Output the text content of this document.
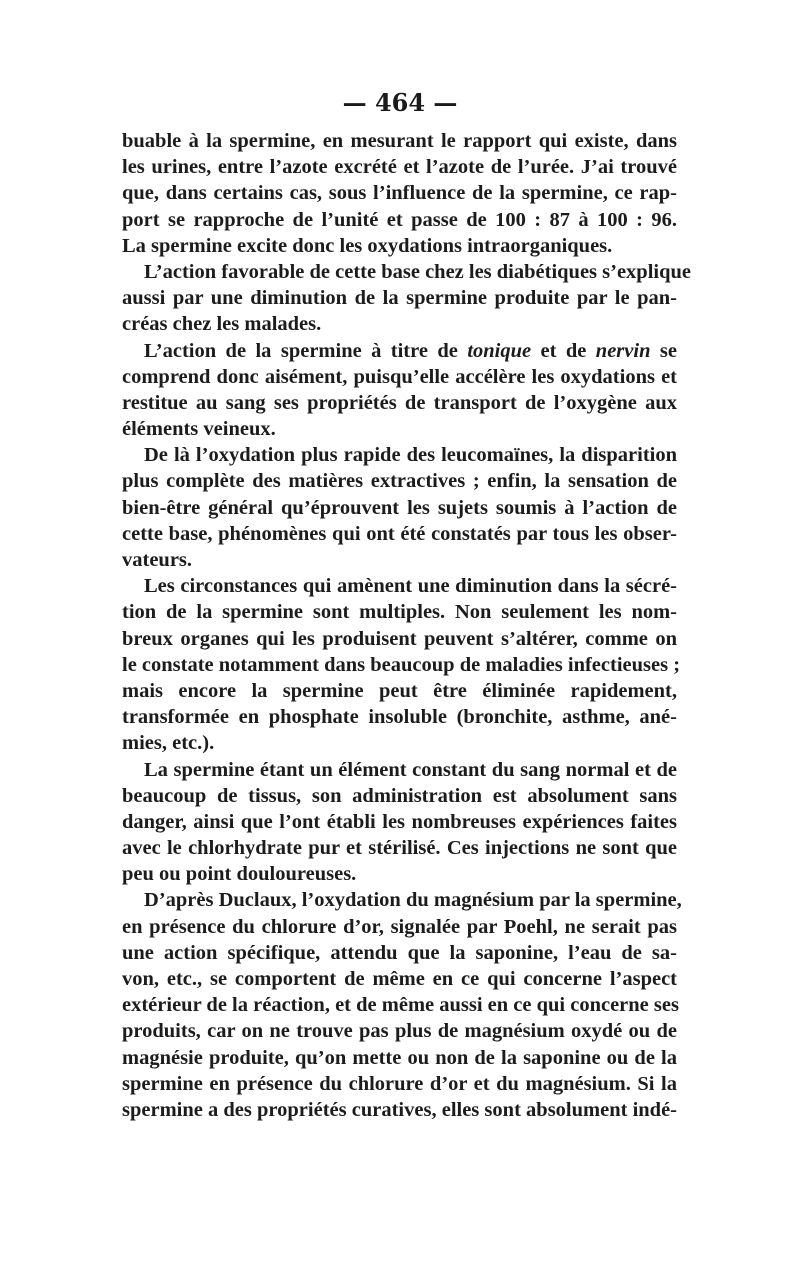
— 464 —
buable à la spermine, en mesurant le rapport qui existe, dans
les urines, entre l’azote excrété et l’azote de l’urée. J’ai trouvé
que, dans certains cas, sous l’influence de la spermine, ce rap-
port se rapproche de l’unité et passe de 100 : 87 à 100 : 96.
La spermine excite donc les oxydations intraorganiques.
L’action favorable de cette base chez les diabétiques s’explique
aussi par une diminution de la spermine produite par le pan-
créas chez les malades.
L’action de la spermine à titre de tonique et de nervin se
comprend donc aisément, puisqu’elle accélère les oxydations et
restitue au sang ses propriétés de transport de l’oxygène aux
éléments veineux.
De là l’oxydation plus rapide des leucomaïnes, la disparition
plus complète des matières extractives ; enfin, la sensation de
bien-être général qu’éprouvent les sujets soumis à l’action de
cette base, phénomènes qui ont été constatés par tous les obser-
vateurs.
Les circonstances qui amènent une diminution dans la sécré-
tion de la spermine sont multiples. Non seulement les nom-
breux organes qui les produisent peuvent s’altérer, comme on
le constate notamment dans beaucoup de maladies infectieuses ;
mais encore la spermine peut être éliminée rapidement,
transformée en phosphate insoluble (bronchite, asthme, ané-
mies, etc.).
La spermine étant un élément constant du sang normal et de
beaucoup de tissus, son administration est absolument sans
danger, ainsi que l’ont établi les nombreuses expériences faites
avec le chlorhydrate pur et stérilisé. Ces injections ne sont que
peu ou point douloureuses.
D’après Duclaux, l’oxydation du magnésium par la spermine,
en présence du chlorure d’or, signalée par Poehl, ne serait pas
une action spécifique, attendu que la saponine, l’eau de sa-
von, etc., se comportent de même en ce qui concerne l’aspect
extérieur de la réaction, et de même aussi en ce qui concerne ses
produits, car on ne trouve pas plus de magnésium oxydé ou de
magnésie produite, qu’on mette ou non de la saponine ou de la
spermine en présence du chlorure d’or et du magnésium. Si la
spermine a des propriétés curatives, elles sont absolument indé-
